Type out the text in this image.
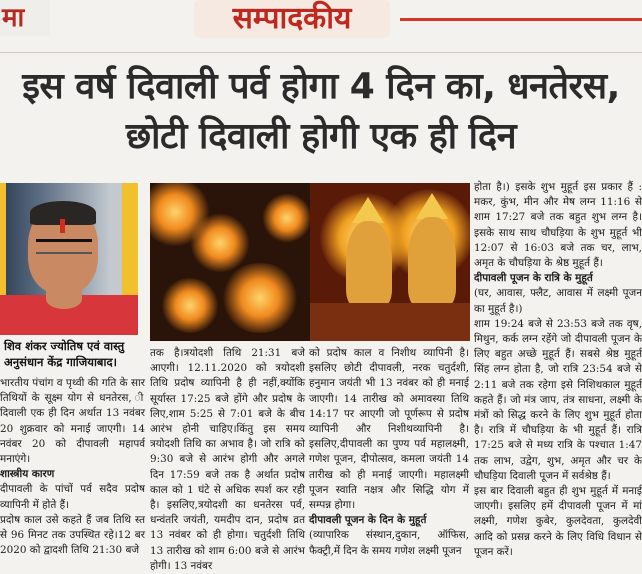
मा	सम्पादकीय
इस वर्ष दिवाली पर्व होगा 4 दिन का, धनतेरस,
छोटी दिवाली होगी एक ही दिन
शिव शंकर ज्योतिष एवं वास्तु
अनुसंधान केंद्र गाजियाबाद।

भारतीय पंचांग व पृथ्वी की गति के सार तिथियों के सूक्ष्म योग से धनतेरस, ी दिवाली एक ही दिन अर्थात 13 नवंबर 20 शुक्रवार को मनाई जाएगी। 14 नवंबर 20 को दीपावली महापर्व मनाएंगे।

शास्त्रीय कारण

दीपावली के पांचों पर्व सदैव प्रदोष व्यापिनी में होते हैं।

प्रदोष काल उसे कहते हैं जब तिथि स्त से 96 मिनट तक उपस्थित रहे।12 बर 2020 को द्वादशी तिथि 21:30 बजे

तक है।त्रयोदशी तिथि 21:31 बजे आएगी। 12.11.2020 को त्रयोदशी तिथि प्रदोष व्यापिनी है ही नहीं,क्योंकि सूर्यास्त 17:25 बजे होंगे और प्रदोष के लिए,शाम 5:25 से 7:01 बजे के बीच आरंभ होनी चाहिए।किंतु इस समय त्रयोदशी तिथि का अभाव है। जो रात्रि को 9:30 बजे से आरंभ होगी और अगले दिन 17:59 बजे तक है अर्थात प्रदोष काल को 1 घंटे से अधिक स्पर्श कर रही है। इसलिए,त्रयोदशी का धनतेरस पर्व, धन्वंतरि जयंती, यमदीप दान, प्रदोष व्रत 13 नवंबर को ही होगा। चतुर्दशी तिथि 13 तारीख को शाम 6:00 बजे से आरंभ होगी। 13 नवंबर

को प्रदोष काल व निशीथ व्यापिनी है।इसलिए छोटी दीपावली, नरक चतुर्दशी, हनुमान जयंती भी 13 नवंबर को ही मनाई जाएगी। 14 तारीख को अमावस्या तिथि 14:17 पर आएगी जो पूर्णरूप से प्रदोष व्यापिनी और निशीथव्यापिनी है।इसलिए,दीपावली का पुण्य पर्व महालक्ष्मी, गणेश पूजन, दीपोत्सव, कमला जयंती 14 तारीख को ही मनाई जाएगी। महालक्ष्मी पूजन स्वाति नक्षत्र और सिद्धि योग में सम्पन्न होगा।

दीपावली पूजन के दिन के मुहूर्त

(व्यापारिक संस्थान,दुकान, ऑफिस, फैक्ट्री,में दिन के समय गणेश लक्ष्मी पूजन

होता है।) इसके शुभ मुहूर्त इस प्रकार हैं : मकर, कुंभ, मीन और मेष लग्न 11:16 से शाम 17:27 बजे तक बहुत शुभ लग्न है। इसके साथ साथ चौघड़िया के शुभ मुहूर्त भी 12:07 से 16:03 बजे तक चर, लाभ, अमृत के चौघड़िया के श्रेष्ठ मुहूर्त हैं।

दीपावली पूजन के रात्रि के मुहूर्त

(घर, आवास, फ्लैट, आवास में लक्ष्मी पूजन का मुहूर्त है।)

शाम 19:24 बजे से 23:53 बजे तक वृष, मिथुन, कर्क लग्न रहेंगे जो दीपावली पूजन के लिए बहुत अच्छे मुहूर्त हैं। सबसे श्रेष्ठ मुहूर्त सिंह लग्न होता है, जो रात्रि 23:54 बजे से 2:11 बजे तक रहेगा इसे निशिथकाल मुहूर्त कहते हैं। जो मंत्र जाप, तंत्र साधना, लक्ष्मी के मंत्रों को सिद्ध करने के लिए शुभ मुहूर्त होता है। रात्रि में चौघड़िया के भी मुहूर्त हैं। रात्रि 17:25 बजे से मध्य रात्रि के पश्चात 1:47 तक लाभ, उद्वेग, शुभ, अमृत और चर के चौघड़िया दिवाली पूजन में सर्वश्रेष्ठ हैं।

इस बार दिवाली बहुत ही शुभ मुहूर्त में मनाई जाएगी। इसलिए हमें दीपावली पूजन में मां लक्ष्मी, गणेश कुबेर, कुलदेवता, कुलदेवी आदि को प्रसन्न करने के लिए विधि विधान से पूजन करें।
